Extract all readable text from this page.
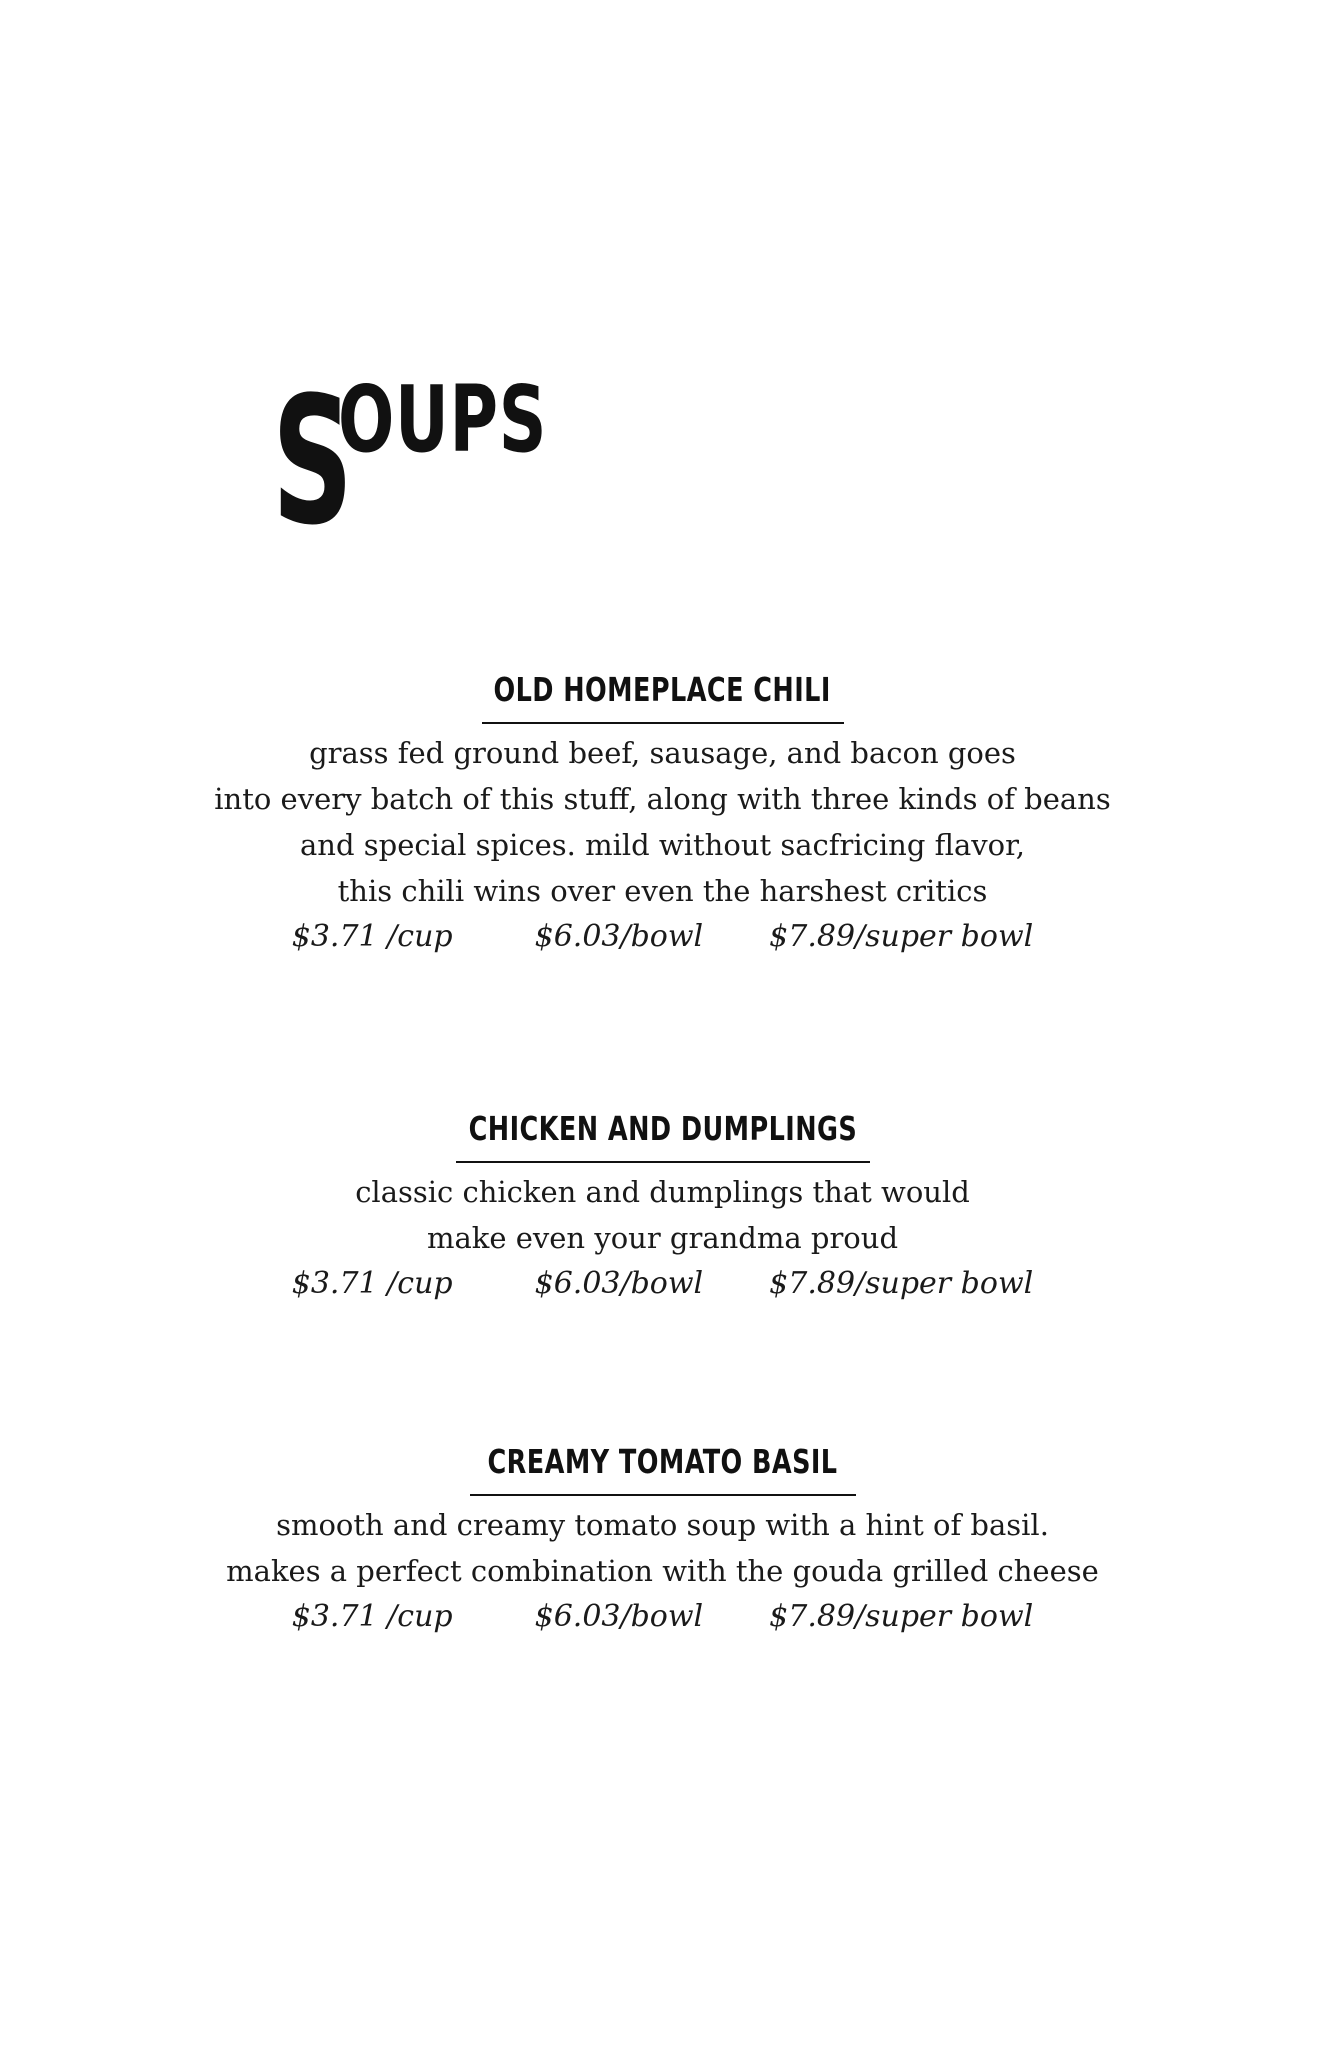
SOUPS
OLD HOMEPLACE CHILI
grass fed ground beef, sausage, and bacon goes
into every batch of this stuff, along with three kinds of beans
and special spices. mild without sacfricing flavor,
this chili wins over even the harshest critics
$3.71 /cup	$6.03/bowl $7.89/super bowl
CHICKEN AND DUMPLINGS
classic chicken and dumplings that would
make even your grandma proud
$3.71 /cup	$6.03/bowl $7.89/super bowl
CREAMY TOMATO BASIL
smooth and creamy tomato soup with a hint of basil.
makes a perfect combination with the gouda grilled cheese
$3.71 /cup	$6.03/bowl $7.89/super bowl
